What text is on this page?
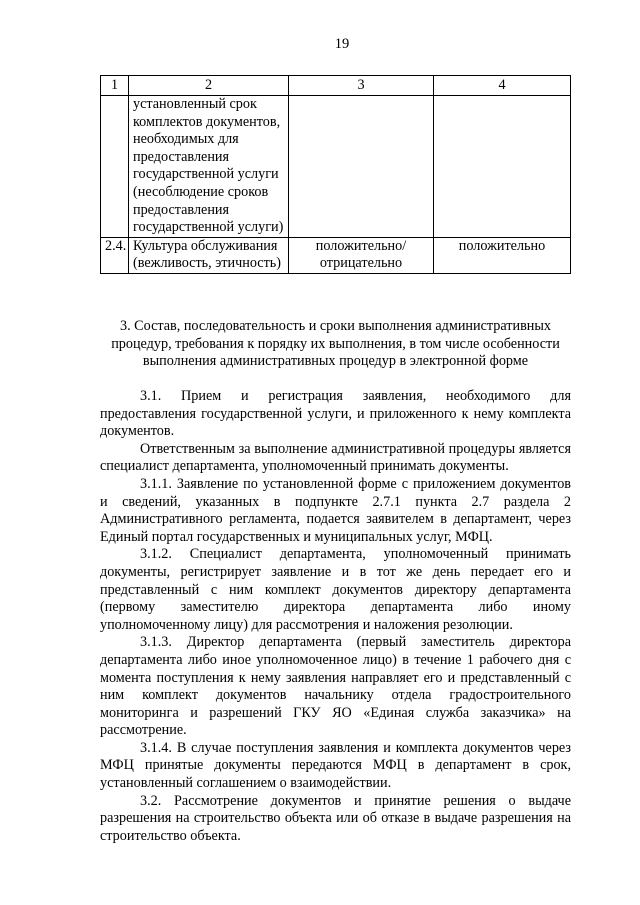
19
1	2	3	4
	установленный срок комплектов документов, необходимых для предоставления государственной услуги (несоблюдение сроков предоставления государственной услуги)		
2.4.	Культура обслуживания (вежливость, этичность)	положительно/ отрицательно	положительно
3. Состав, последовательность и сроки выполнения административных процедур, требования к порядку их выполнения, в том числе особенности выполнения административных процедур в электронной форме

3.1. Прием и регистрация заявления, необходимого для предоставления государственной услуги, и приложенного к нему комплекта документов.

Ответственным за выполнение административной процедуры является специалист департамента, уполномоченный принимать документы.

3.1.1. Заявление по установленной форме с приложением документов и сведений, указанных в подпункте 2.7.1 пункта 2.7 раздела 2 Административного регламента, подается заявителем в департамент, через Единый портал государственных и муниципальных услуг, МФЦ.

3.1.2. Специалист департамента, уполномоченный принимать документы, регистрирует заявление и в тот же день передает его и представленный с ним комплект документов директору департамента (первому заместителю директора департамента либо иному уполномоченному лицу) для рассмотрения и наложения резолюции.

3.1.3. Директор департамента (первый заместитель директора департамента либо иное уполномоченное лицо) в течение 1 рабочего дня с момента поступления к нему заявления направляет его и представленный с ним комплект документов начальнику отдела градостроительного мониторинга и разрешений ГКУ ЯО «Единая служба заказчика» на рассмотрение.

3.1.4. В случае поступления заявления и комплекта документов через МФЦ принятые документы передаются МФЦ в департамент в срок, установленный соглашением о взаимодействии.

3.2. Рассмотрение документов и принятие решения о выдаче разрешения на строительство объекта или об отказе в выдаче разрешения на строительство объекта.
